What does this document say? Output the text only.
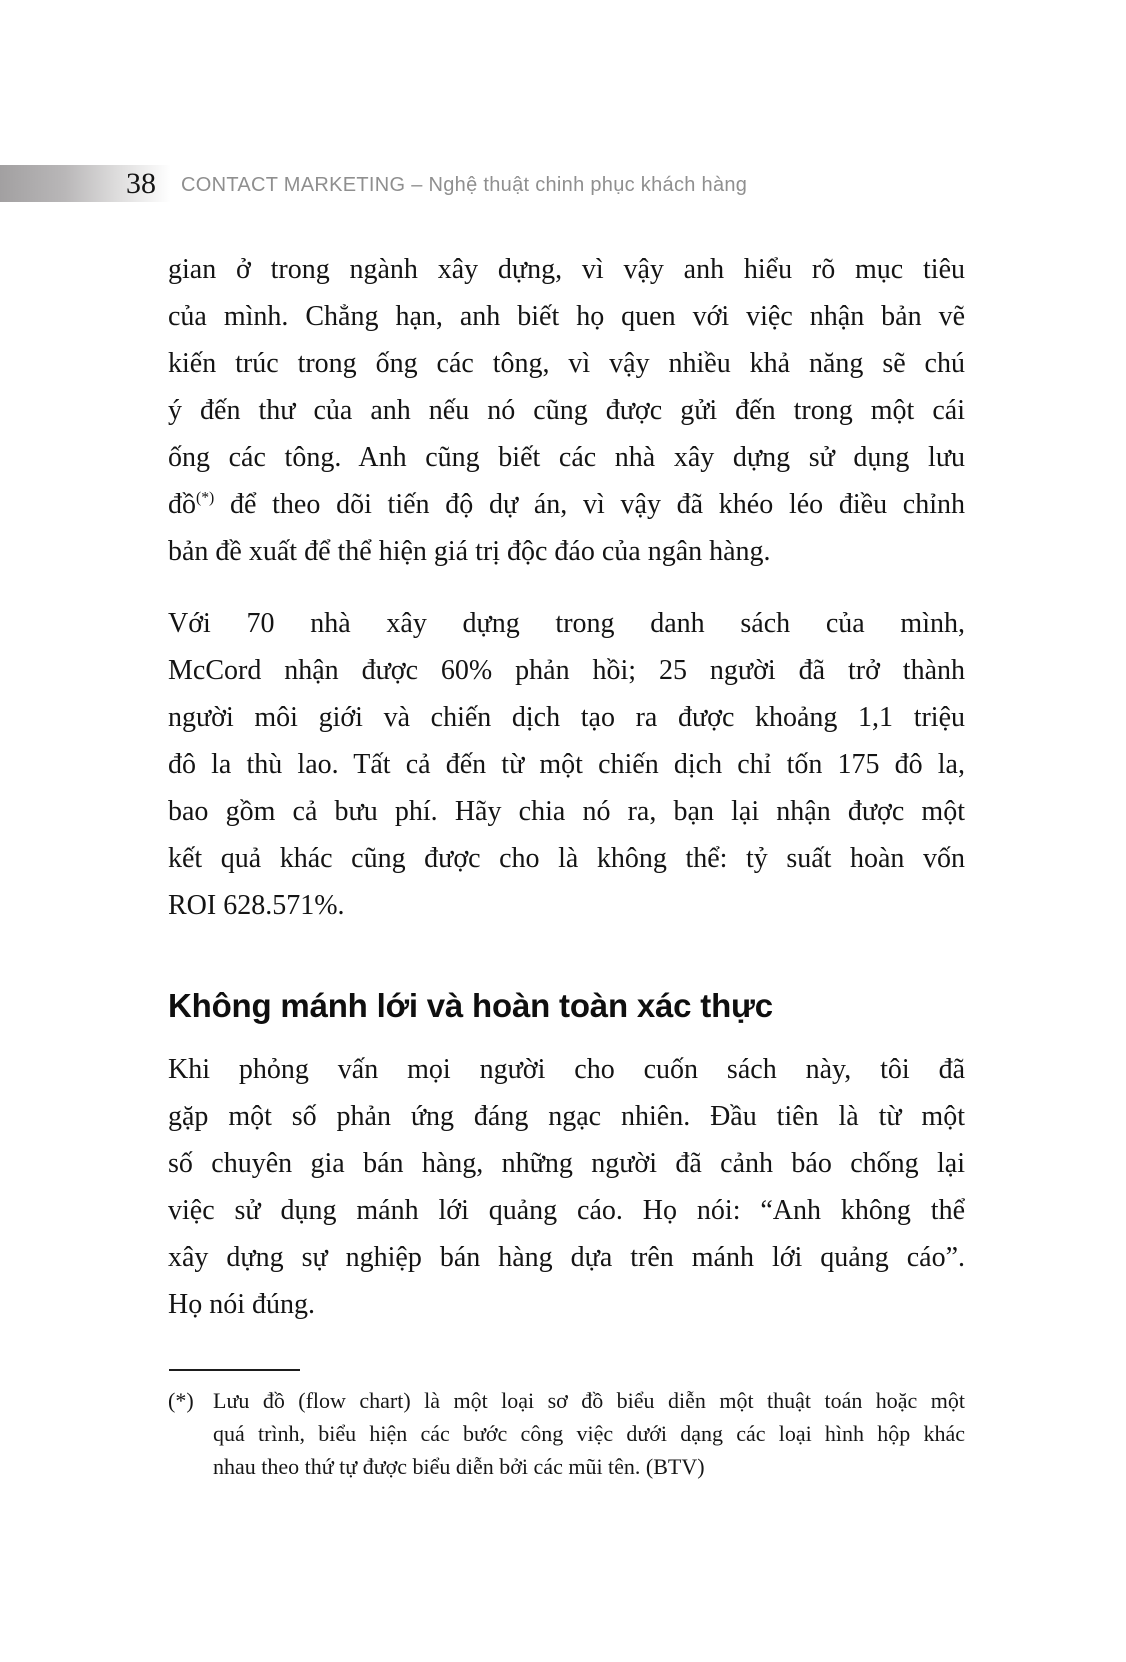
38 CONTACT MARKETING – Nghệ thuật chinh phục khách hàng
gian ở trong ngành xây dựng, vì vậy anh hiểu rõ mục tiêu
của mình. Chẳng hạn, anh biết họ quen với việc nhận bản vẽ
kiến trúc trong ống các tông, vì vậy nhiều khả năng sẽ chú
ý đến thư của anh nếu nó cũng được gửi đến trong một cái
ống các tông. Anh cũng biết các nhà xây dựng sử dụng lưu
đồ(*) để theo dõi tiến độ dự án, vì vậy đã khéo léo điều chỉnh
bản đề xuất để thể hiện giá trị độc đáo của ngân hàng.
Với 70 nhà xây dựng trong danh sách của mình,
McCord nhận được 60% phản hồi; 25 người đã trở thành
người môi giới và chiến dịch tạo ra được khoảng 1,1 triệu
đô la thù lao. Tất cả đến từ một chiến dịch chỉ tốn 175 đô la,
bao gồm cả bưu phí. Hãy chia nó ra, bạn lại nhận được một
kết quả khác cũng được cho là không thể: tỷ suất hoàn vốn
ROI 628.571%.
Không mánh lới và hoàn toàn xác thực
Khi phỏng vấn mọi người cho cuốn sách này, tôi đã
gặp một số phản ứng đáng ngạc nhiên. Đầu tiên là từ một
số chuyên gia bán hàng, những người đã cảnh báo chống lại
việc sử dụng mánh lới quảng cáo. Họ nói: “Anh không thể
xây dựng sự nghiệp bán hàng dựa trên mánh lới quảng cáo”.
Họ nói đúng.
(*) Lưu đồ (flow chart) là một loại sơ đồ biểu diễn một thuật toán hoặc một
quá trình, biểu hiện các bước công việc dưới dạng các loại hình hộp khác
nhau theo thứ tự được biểu diễn bởi các mũi tên. (BTV)
